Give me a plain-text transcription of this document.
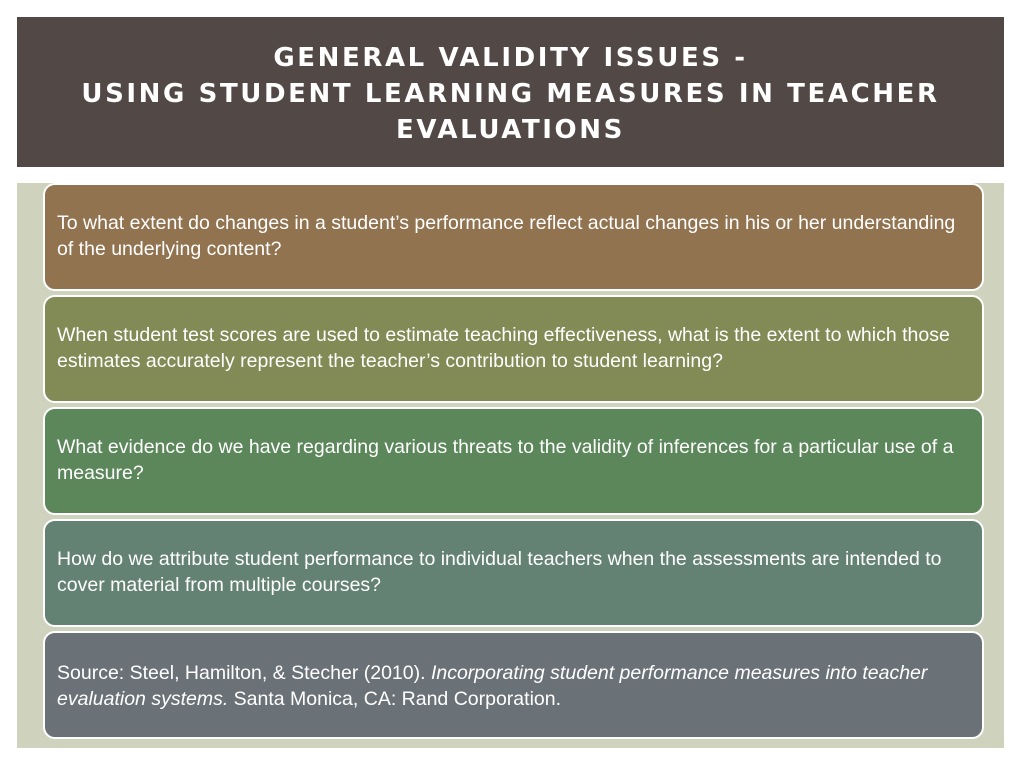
GENERAL VALIDITY ISSUES -
USING STUDENT LEARNING MEASURES IN TEACHER
EVALUATIONS
To what extent do changes in a student’s performance reflect actual changes in his or her understanding of the underlying content?
When student test scores are used to estimate teaching effectiveness, what is the extent to which those estimates accurately represent the teacher’s contribution to student learning?
What evidence do we have regarding various threats to the validity of inferences for a particular use of a measure?
How do we attribute student performance to individual teachers when the assessments are intended to cover material from multiple courses?
Source: Steel, Hamilton, & Stecher (2010). Incorporating student performance measures into teacher evaluation systems. Santa Monica, CA: Rand Corporation.
